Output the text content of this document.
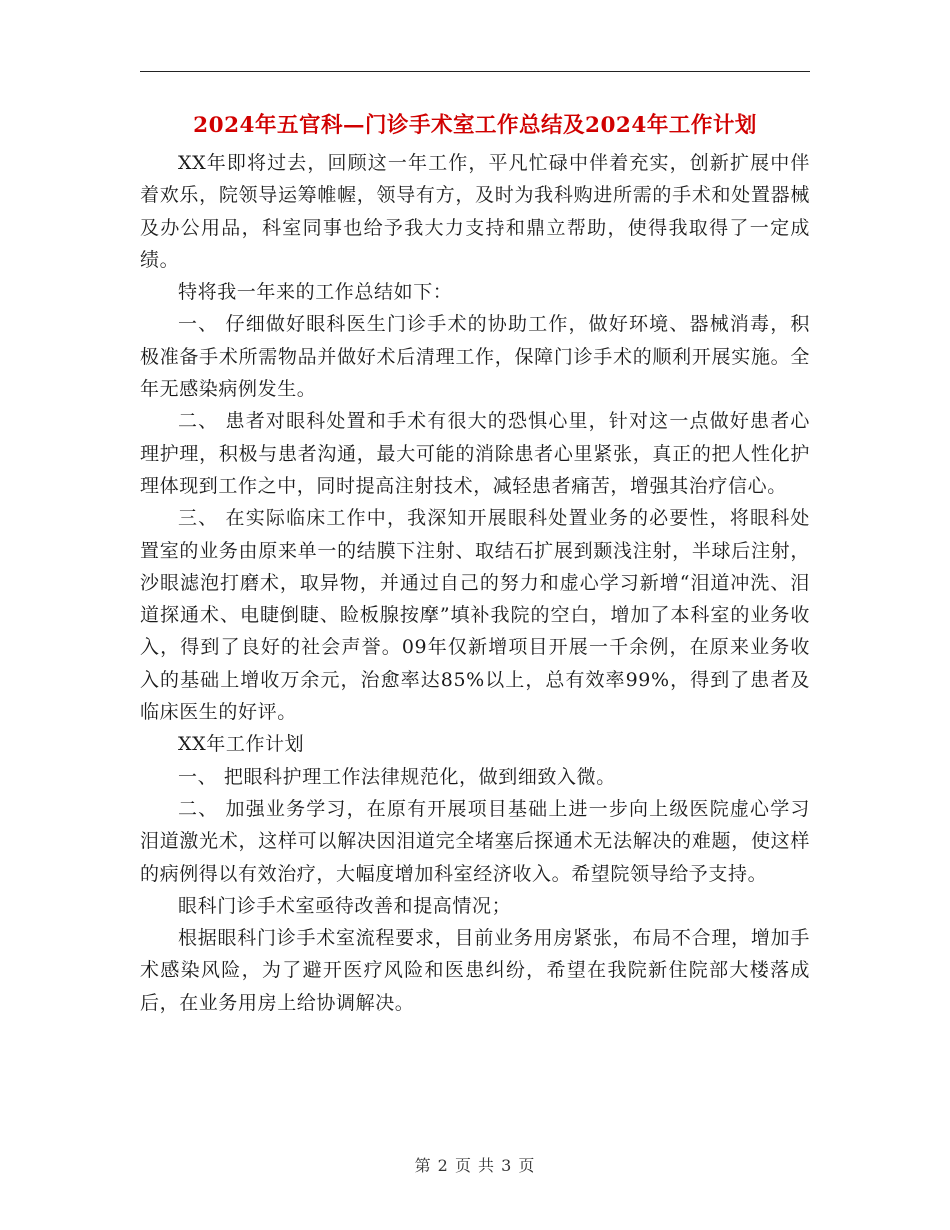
2024年五官科—门诊手术室工作总结及2024年工作计划

XX年即将过去，回顾这一年工作，平凡忙碌中伴着充实，创新扩展中伴着欢乐，院领导运筹帷幄，领导有方，及时为我科购进所需的手术和处置器械及办公用品，科室同事也给予我大力支持和鼎立帮助，使得我取得了一定成绩。

特将我一年来的工作总结如下：

一、 仔细做好眼科医生门诊手术的协助工作，做好环境、器械消毒，积极准备手术所需物品并做好术后清理工作，保障门诊手术的顺利开展实施。全年无感染病例发生。

二、 患者对眼科处置和手术有很大的恐惧心里，针对这一点做好患者心理护理，积极与患者沟通，最大可能的消除患者心里紧张，真正的把人性化护理体现到工作之中，同时提高注射技术，减轻患者痛苦，增强其治疗信心。

三、 在实际临床工作中，我深知开展眼科处置业务的必要性，将眼科处置室的业务由原来单一的结膜下注射、取结石扩展到颞浅注射，半球后注射，沙眼滤泡打磨术，取异物，并通过自己的努力和虚心学习新增“泪道冲洗、泪道探通术、电睫倒睫、睑板腺按摩”填补我院的空白，增加了本科室的业务收入，得到了良好的社会声誉。09年仅新增项目开展一千余例，在原来业务收入的基础上增收万余元，治愈率达85%以上，总有效率99%，得到了患者及临床医生的好评。

XX年工作计划

一、 把眼科护理工作法律规范化，做到细致入微。

二、 加强业务学习，在原有开展项目基础上进一步向上级医院虚心学习泪道激光术，这样可以解决因泪道完全堵塞后探通术无法解决的难题，使这样的病例得以有效治疗，大幅度增加科室经济收入。希望院领导给予支持。

眼科门诊手术室亟待改善和提高情况；

根据眼科门诊手术室流程要求，目前业务用房紧张，布局不合理，增加手术感染风险，为了避开医疗风险和医患纠纷，希望在我院新住院部大楼落成后，在业务用房上给协调解决。

第 2 页 共 3 页
